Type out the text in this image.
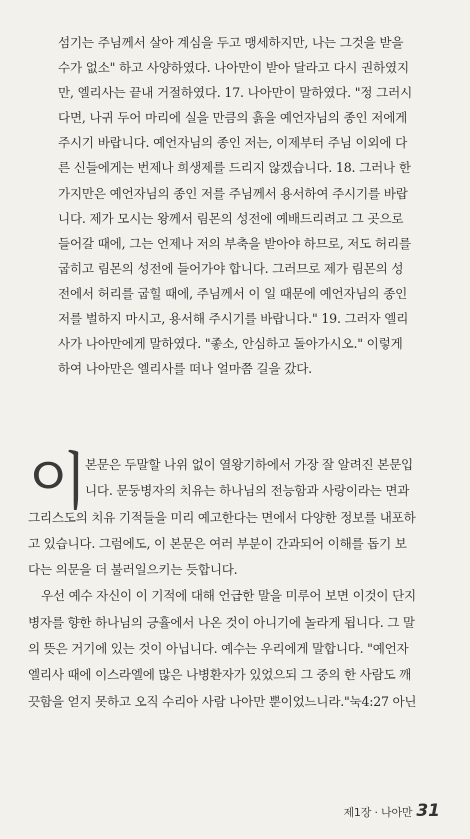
섬기는 주님께서 살아 계심을 두고 맹세하지만, 나는 그것을 받을
수가 없소" 하고 사양하였다. 나아만이 받아 달라고 다시 권하였지
만, 엘리사는 끝내 거절하였다. 17. 나아만이 말하였다. "정 그러시
다면, 나귀 두어 마리에 실을 만큼의 흙을 예언자님의 종인 저에게
주시기 바랍니다. 예언자님의 종인 저는, 이제부터 주님 이외에 다
른 신들에게는 번제나 희생제를 드리지 않겠습니다. 18. 그러나 한
가지만은 예언자님의 종인 저를 주님께서 용서하여 주시기를 바랍
니다. 제가 모시는 왕께서 림몬의 성전에 예배드리려고 그 곳으로
들어갈 때에, 그는 언제나 저의 부축을 받아야 하므로, 저도 허리를
굽히고 림몬의 성전에 들어가야 합니다. 그러므로 제가 림몬의 성
전에서 허리를 굽힐 때에, 주님께서 이 일 때문에 예언자님의 종인
저를 벌하지 마시고, 용서해 주시기를 바랍니다." 19. 그러자 엘리
사가 나아만에게 말하였다. "좋소, 안심하고 돌아가시오." 이렇게
하여 나아만은 엘리사를 떠나 얼마쯤 길을 갔다.
이
본문은 두말할 나위 없이 열왕기하에서 가장 잘 알려진 본문입
니다. 문둥병자의 치유는 하나님의 전능함과 사랑이라는 면과
그리스도의 치유 기적들을 미리 예고한다는 면에서 다양한 정보를 내포하
고 있습니다. 그럼에도, 이 본문은 여러 부분이 간과되어 이해를 돕기 보
다는 의문을 더 불러일으키는 듯합니다.
우선 예수 자신이 이 기적에 대해 언급한 말을 미루어 보면 이것이 단지
병자를 향한 하나님의 긍휼에서 나온 것이 아니기에 놀라게 됩니다. 그 말
의 뜻은 거기에 있는 것이 아닙니다. 예수는 우리에게 말합니다. "예언자
엘리사 때에 이스라엘에 많은 나병환자가 있었으되 그 중의 한 사람도 깨
끗함을 얻지 못하고 오직 수리아 사람 나아만 뿐이었느니라."눅4:27 아닌
제1장 · 나아만 31
